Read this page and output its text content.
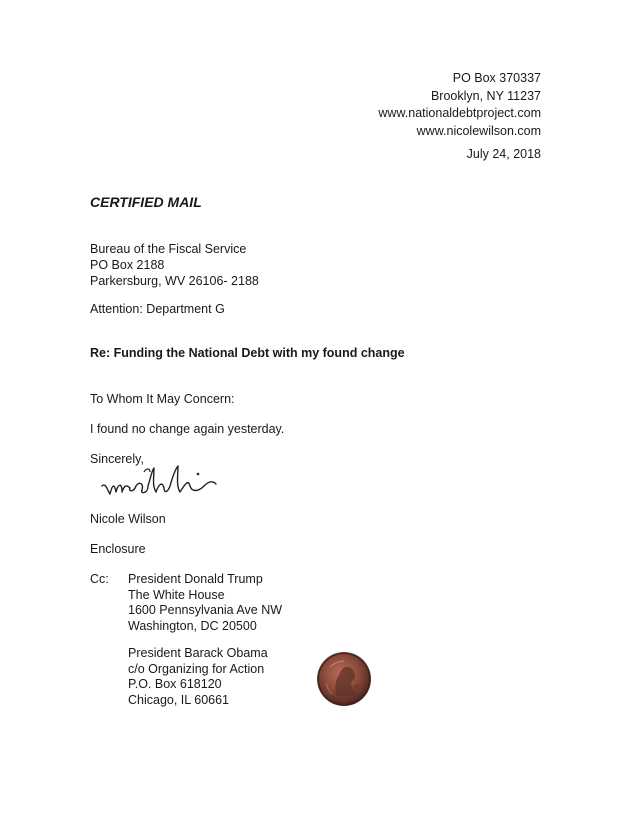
PO Box 370337
Brooklyn, NY 11237
www.nationaldebtproject.com
www.nicolewilson.com
July 24, 2018
CERTIFIED MAIL
Bureau of the Fiscal Service
PO Box 2188
Parkersburg, WV 26106- 2188
Attention: Department G
Re: Funding the National Debt with my found change
To Whom It May Concern:
I found no change again yesterday.
Sincerely,
Nicole Wilson
Enclosure
Cc: President Donald Trump
The White House
1600 Pennsylvania Ave NW
Washington, DC 20500
President Barack Obama
c/o Organizing for Action
P.O. Box 618120
Chicago, IL 60661
